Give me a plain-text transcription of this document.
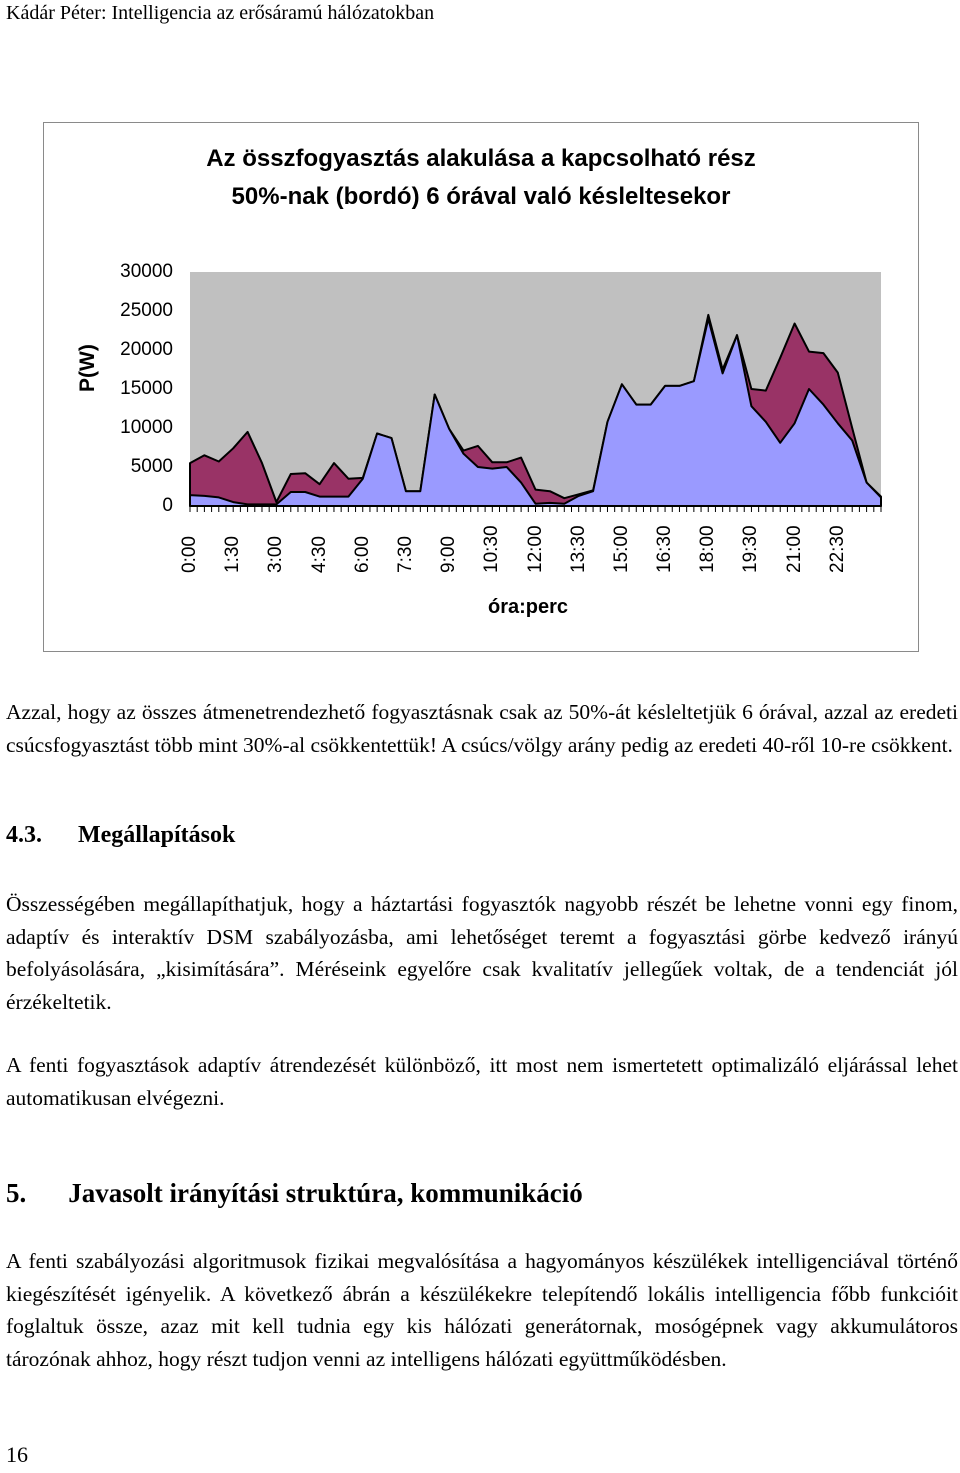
Kádár Péter: Intelligencia az erősáramú hálózatokban
Az összfogyasztás alakulása a kapcsolható rész
50%-nak (bordó) 6 órával való késleltesekor
P(W)
30000
25000
20000
15000
10000
5000
0
0:00 1:30 3:00 4:30 6:00 7:30 9:00 10:30 12:00 13:30 15:00 16:30 18:00 19:30 21:00 22:30
óra:perc
Azzal, hogy az összes átmenetrendezhető fogyasztásnak csak az 50%-át késleltetjük 6 órával, azzal az eredeti csúcsfogyasztást több mint 30%-al csökkentettük! A csúcs/völgy arány pedig az eredeti 40-ről 10-re csökkent.
4.3. Megállapítások
Összességében megállapíthatjuk, hogy a háztartási fogyasztók nagyobb részét be lehetne vonni egy finom, adaptív és interaktív DSM szabályozásba, ami lehetőséget teremt a fogyasztási görbe kedvező irányú befolyásolására, „kisimítására”. Méréseink egyelőre csak kvalitatív jellegűek voltak, de a tendenciát jól érzékeltetik.
A fenti fogyasztások adaptív átrendezését különböző, itt most nem ismertetett optimalizáló eljárással lehet automatikusan elvégezni.
5. Javasolt irányítási struktúra, kommunikáció
A fenti szabályozási algoritmusok fizikai megvalósítása a hagyományos készülékek intelligenciával történő kiegészítését igényelik. A következő ábrán a készülékekre telepítendő lokális intelligencia főbb funkcióit foglaltuk össze, azaz mit kell tudnia egy kis hálózati generátornak, mosógépnek vagy akkumulátoros tározónak ahhoz, hogy részt tudjon venni az intelligens hálózati együttműködésben.
16
